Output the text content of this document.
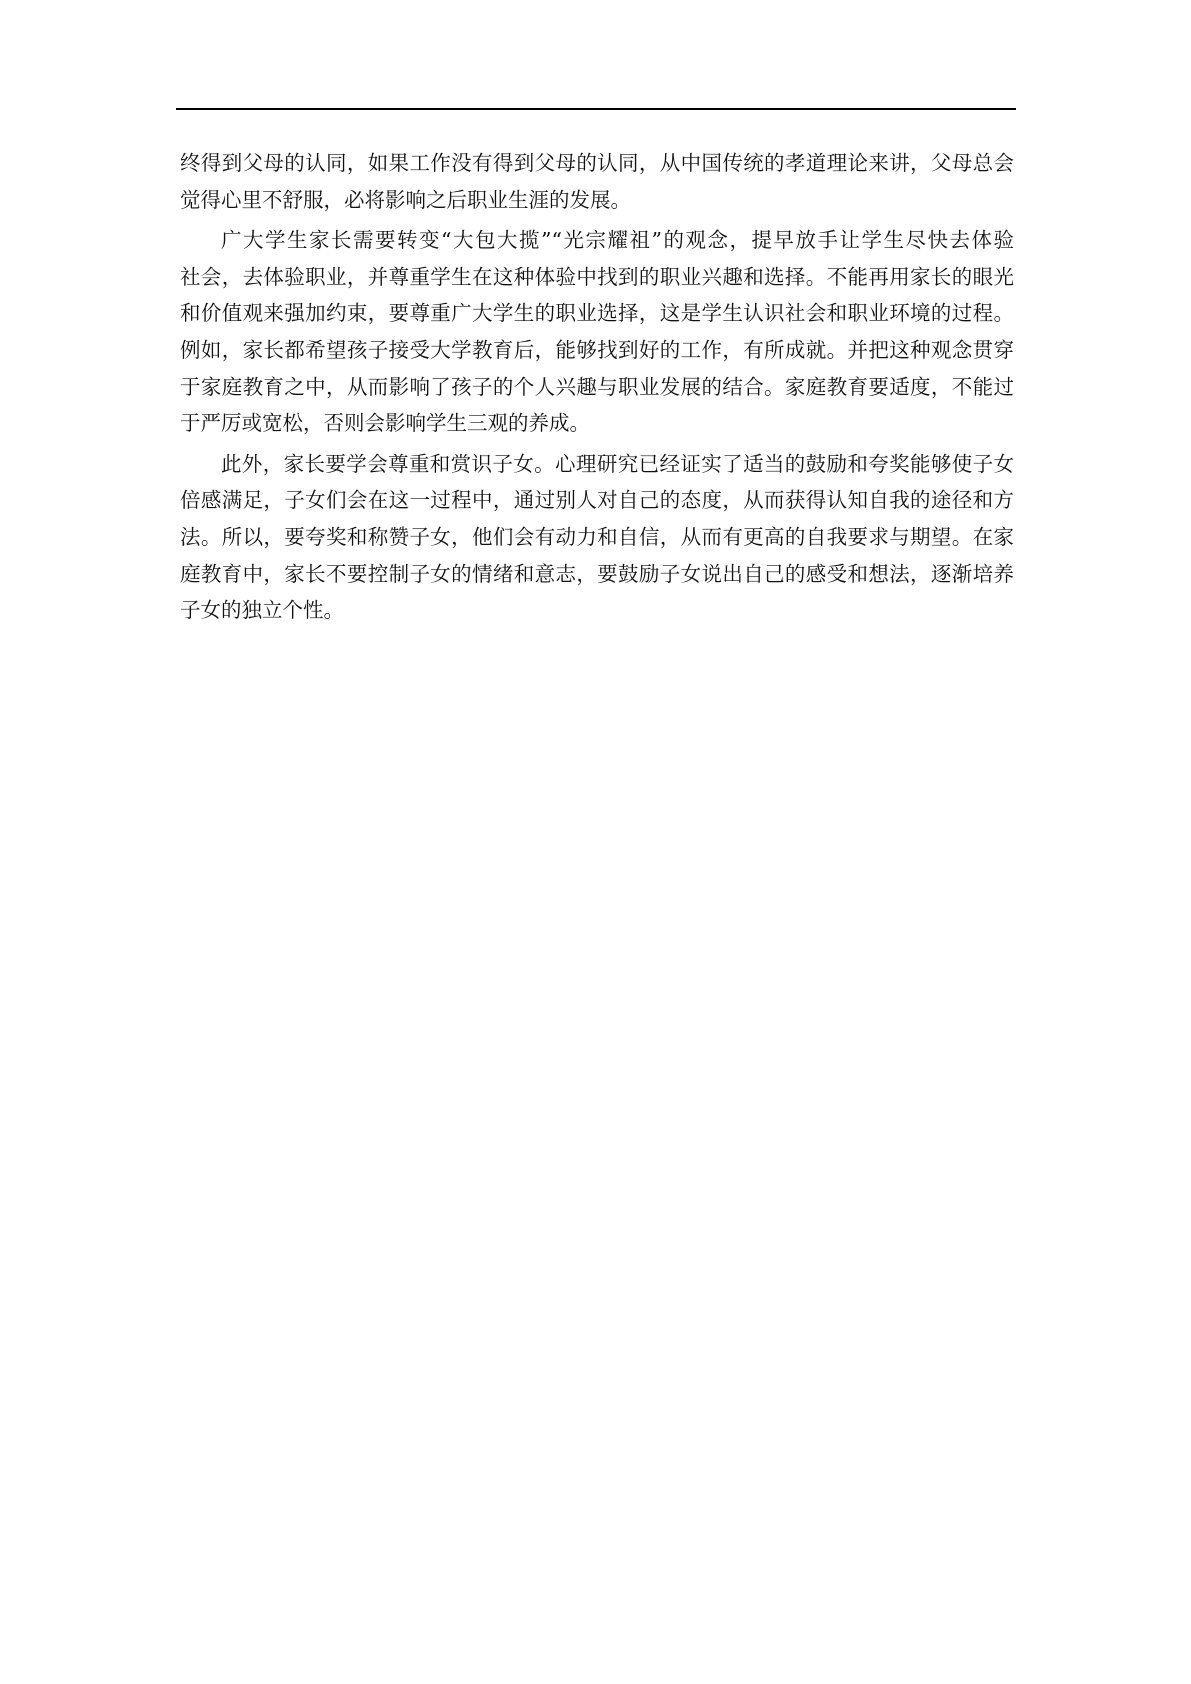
终得到父母的认同，如果工作没有得到父母的认同，从中国传统的孝道理论来讲，父母总会
觉得心里不舒服，必将影响之后职业生涯的发展。
广大学生家长需要转变“大包大揽”“光宗耀祖”的观念，提早放手让学生尽快去体验
社会，去体验职业，并尊重学生在这种体验中找到的职业兴趣和选择。不能再用家长的眼光
和价值观来强加约束，要尊重广大学生的职业选择，这是学生认识社会和职业环境的过程。
例如，家长都希望孩子接受大学教育后，能够找到好的工作，有所成就。并把这种观念贯穿
于家庭教育之中，从而影响了孩子的个人兴趣与职业发展的结合。家庭教育要适度，不能过
于严厉或宽松，否则会影响学生三观的养成。
此外，家长要学会尊重和赏识子女。心理研究已经证实了适当的鼓励和夸奖能够使子女
倍感满足，子女们会在这一过程中，通过别人对自己的态度，从而获得认知自我的途径和方
法。所以，要夸奖和称赞子女，他们会有动力和自信，从而有更高的自我要求与期望。在家
庭教育中，家长不要控制子女的情绪和意志，要鼓励子女说出自己的感受和想法，逐渐培养
子女的独立个性。
